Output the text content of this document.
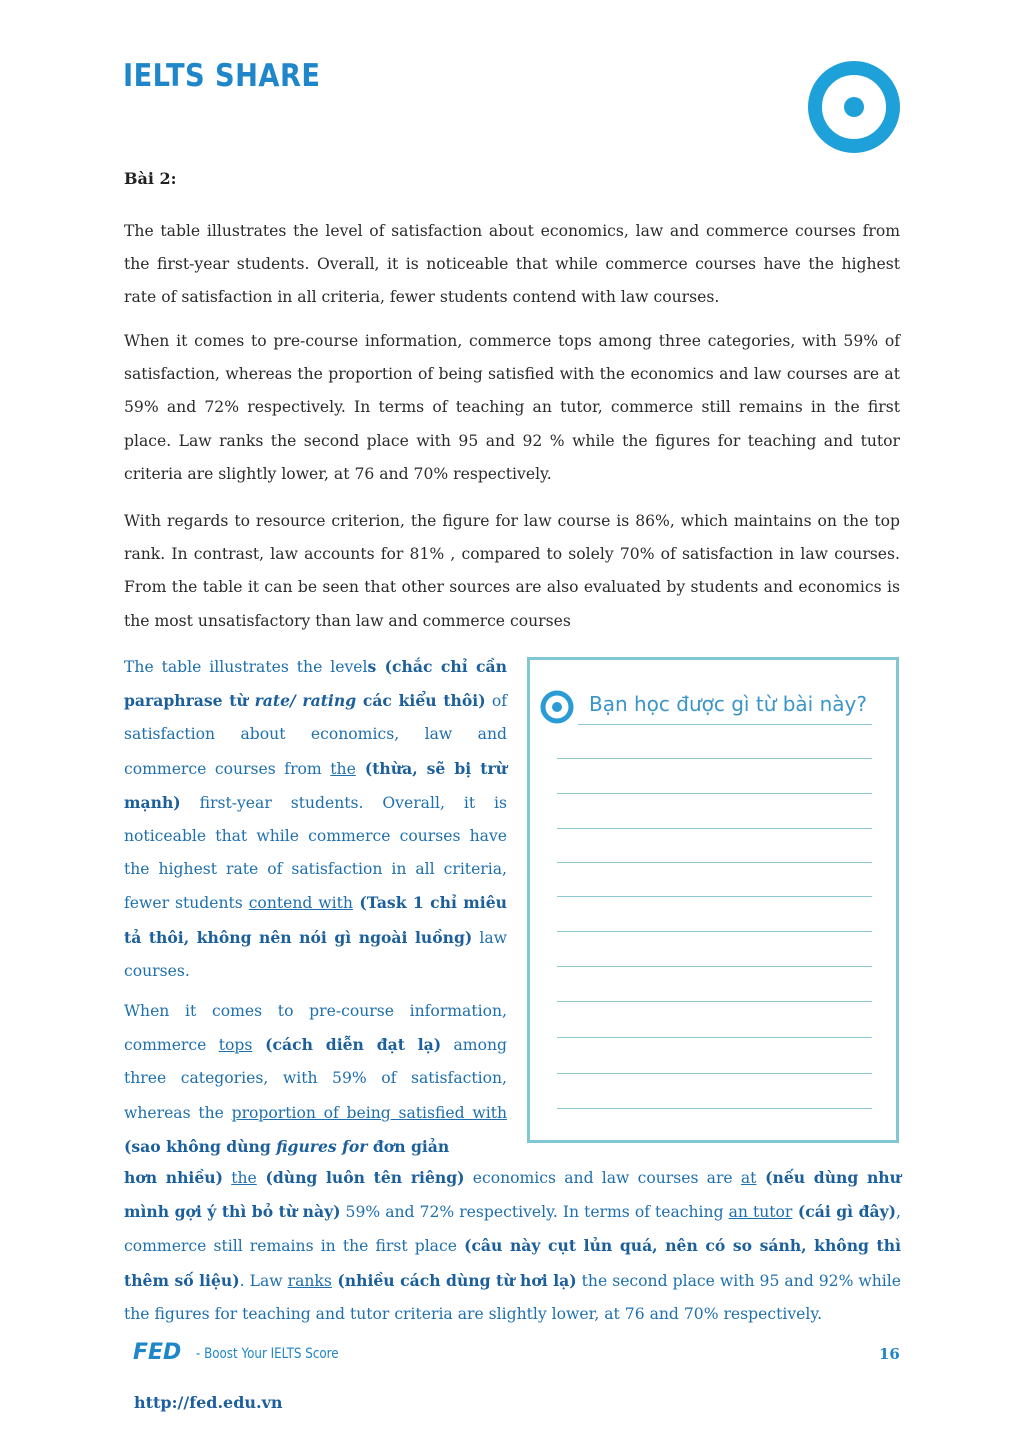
IELTS SHARE

Bài 2:

The table illustrates the level of satisfaction about economics, law and commerce courses from the first-year students. Overall, it is noticeable that while commerce courses have the highest rate of satisfaction in all criteria, fewer students contend with law courses.

When it comes to pre-course information, commerce tops among three categories, with 59% of satisfaction, whereas the proportion of being satisfied with the economics and law courses are at 59% and 72% respectively. In terms of teaching an tutor, commerce still remains in the first place. Law ranks the second place with 95 and 92 % while the figures for teaching and tutor criteria are slightly lower, at 76 and 70% respectively.

With regards to resource criterion, the figure for law course is 86%, which maintains on the top rank. In contrast, law accounts for 81% , compared to solely 70% of satisfaction in law courses. From the table it can be seen that other sources are also evaluated by students and economics is the most unsatisfactory than law and commerce courses

The table illustrates the levels (chắc chỉ cần paraphrase từ rate/ rating các kiểu thôi) of satisfaction about economics, law and commerce courses from the (thừa, sẽ bị trừ mạnh) first-year students. Overall, it is noticeable that while commerce courses have the highest rate of satisfaction in all criteria, fewer students contend with (Task 1 chỉ miêu tả thôi, không nên nói gì ngoài luồng) law courses.

When it comes to pre-course information, commerce tops (cách diễn đạt lạ) among three categories, with 59% of satisfaction, whereas the proportion of being satisfied with (sao không dùng figures for đơn giản

hơn nhiều) the (dùng luôn tên riêng) economics and law courses are at (nếu dùng như mình gợi ý thì bỏ từ này) 59% and 72% respectively. In terms of teaching an tutor (cái gì đây), commerce still remains in the first place (câu này cụt lủn quá, nên có so sánh, không thì thêm số liệu). Law ranks (nhiều cách dùng từ hơi lạ) the second place with 95 and 92% while the figures for teaching and tutor criteria are slightly lower, at 76 and 70% respectively.

Bạn học được gì từ bài này?

FED - Boost Your IELTS Score	16

http://fed.edu.vn
